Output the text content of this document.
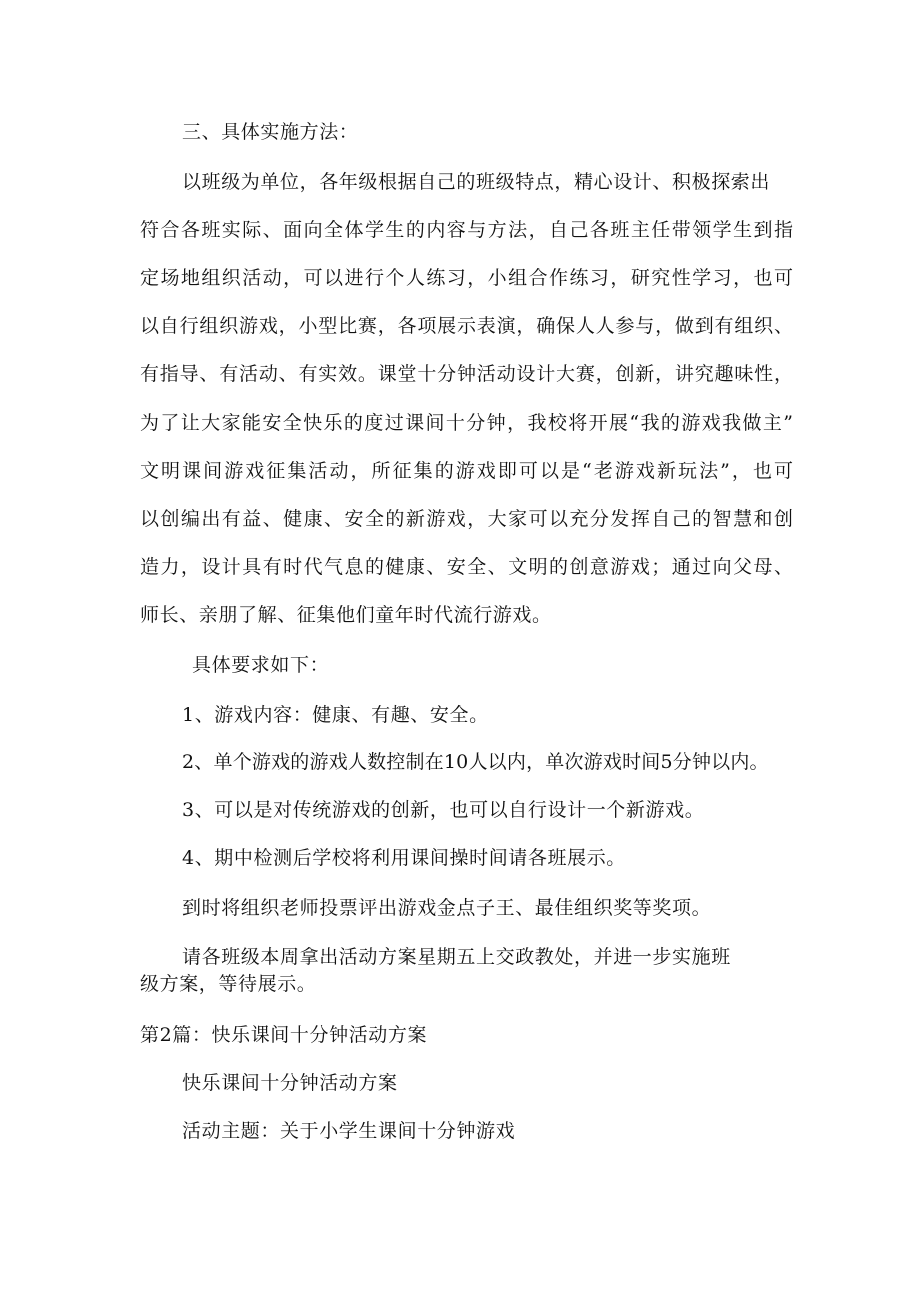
三、具体实施方法：
以班级为单位，各年级根据自己的班级特点，精心设计、积极探索出
符合各班实际、面向全体学生的内容与方法，自己各班主任带领学生到指
定场地组织活动，可以进行个人练习，小组合作练习，研究性学习，也可
以自行组织游戏，小型比赛，各项展示表演，确保人人参与，做到有组织、
有指导、有活动、有实效。课堂十分钟活动设计大赛，创新，讲究趣味性，
为了让大家能安全快乐的度过课间十分钟，我校将开展“我的游戏我做主”
文明课间游戏征集活动，所征集的游戏即可以是“老游戏新玩法”，也可
以创编出有益、健康、安全的新游戏，大家可以充分发挥自己的智慧和创
造力，设计具有时代气息的健康、安全、文明的创意游戏；通过向父母、
师长、亲朋了解、征集他们童年时代流行游戏。
具体要求如下：
1、游戏内容：健康、有趣、安全。
2、单个游戏的游戏人数控制在10人以内，单次游戏时间5分钟以内。
3、可以是对传统游戏的创新，也可以自行设计一个新游戏。
4、期中检测后学校将利用课间操时间请各班展示。
到时将组织老师投票评出游戏金点子王、最佳组织奖等奖项。
请各班级本周拿出活动方案星期五上交政教处，并进一步实施班
级方案，等待展示。
第2篇：快乐课间十分钟活动方案
快乐课间十分钟活动方案
活动主题：关于小学生课间十分钟游戏
